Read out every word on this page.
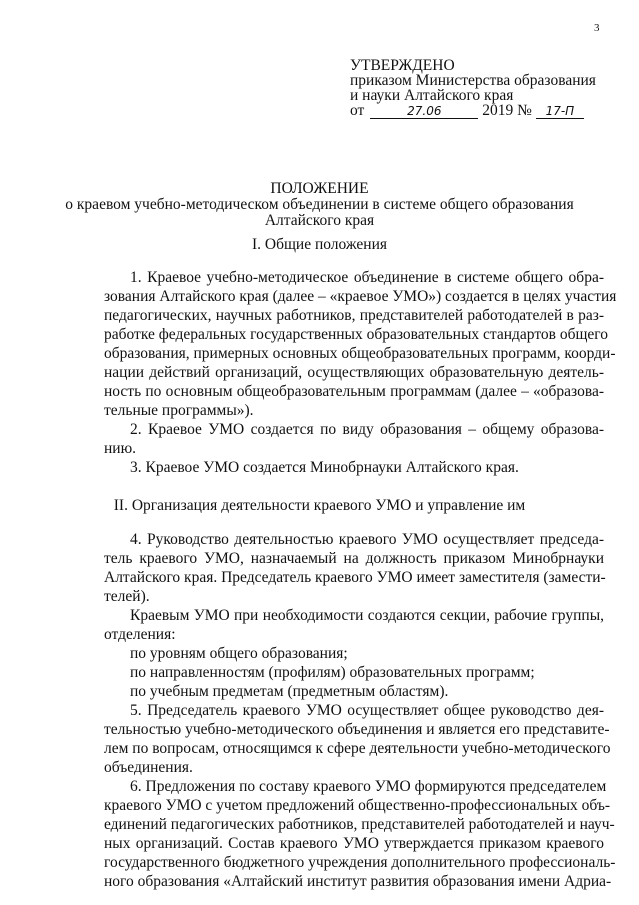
3
УТВЕРЖДЕНО
приказом Министерства образования
и науки Алтайского края
от	27.06	2019 № 17-П
ПОЛОЖЕНИЕ
о краевом учебно-методическом объединении в системе общего образования
Алтайского края
I. Общие положения
1. Краевое учебно-методическое объединение в системе общего обра-
зования Алтайского края (далее – «краевое УМО») создается в целях участия
педагогических, научных работников, представителей работодателей в раз-
работке федеральных государственных образовательных стандартов общего
образования, примерных основных общеобразовательных программ, коорди-
нации действий организаций, осуществляющих образовательную деятель-
ность по основным общеобразовательным программам (далее – «образова-
тельные программы»).
2. Краевое УМО создается по виду образования – общему образова-
нию.
3. Краевое УМО создается Минобрнауки Алтайского края.
II. Организация деятельности краевого УМО и управление им
4. Руководство деятельностью краевого УМО осуществляет председа-
тель краевого УМО, назначаемый на должность приказом Минобрнауки
Алтайского края. Председатель краевого УМО имеет заместителя (замести-
телей).
Краевым УМО при необходимости создаются секции, рабочие группы,
отделения:
по уровням общего образования;
по направленностям (профилям) образовательных программ;
по учебным предметам (предметным областям).
5. Председатель краевого УМО осуществляет общее руководство дея-
тельностью учебно-методического объединения и является его представите-
лем по вопросам, относящимся к сфере деятельности учебно-методического
объединения.
6. Предложения по составу краевого УМО формируются председателем
краевого УМО с учетом предложений общественно-профессиональных объ-
единений педагогических работников, представителей работодателей и науч-
ных организаций. Состав краевого УМО утверждается приказом краевого
государственного бюджетного учреждения дополнительного профессиональ-
ного образования «Алтайский институт развития образования имени Адриа-
